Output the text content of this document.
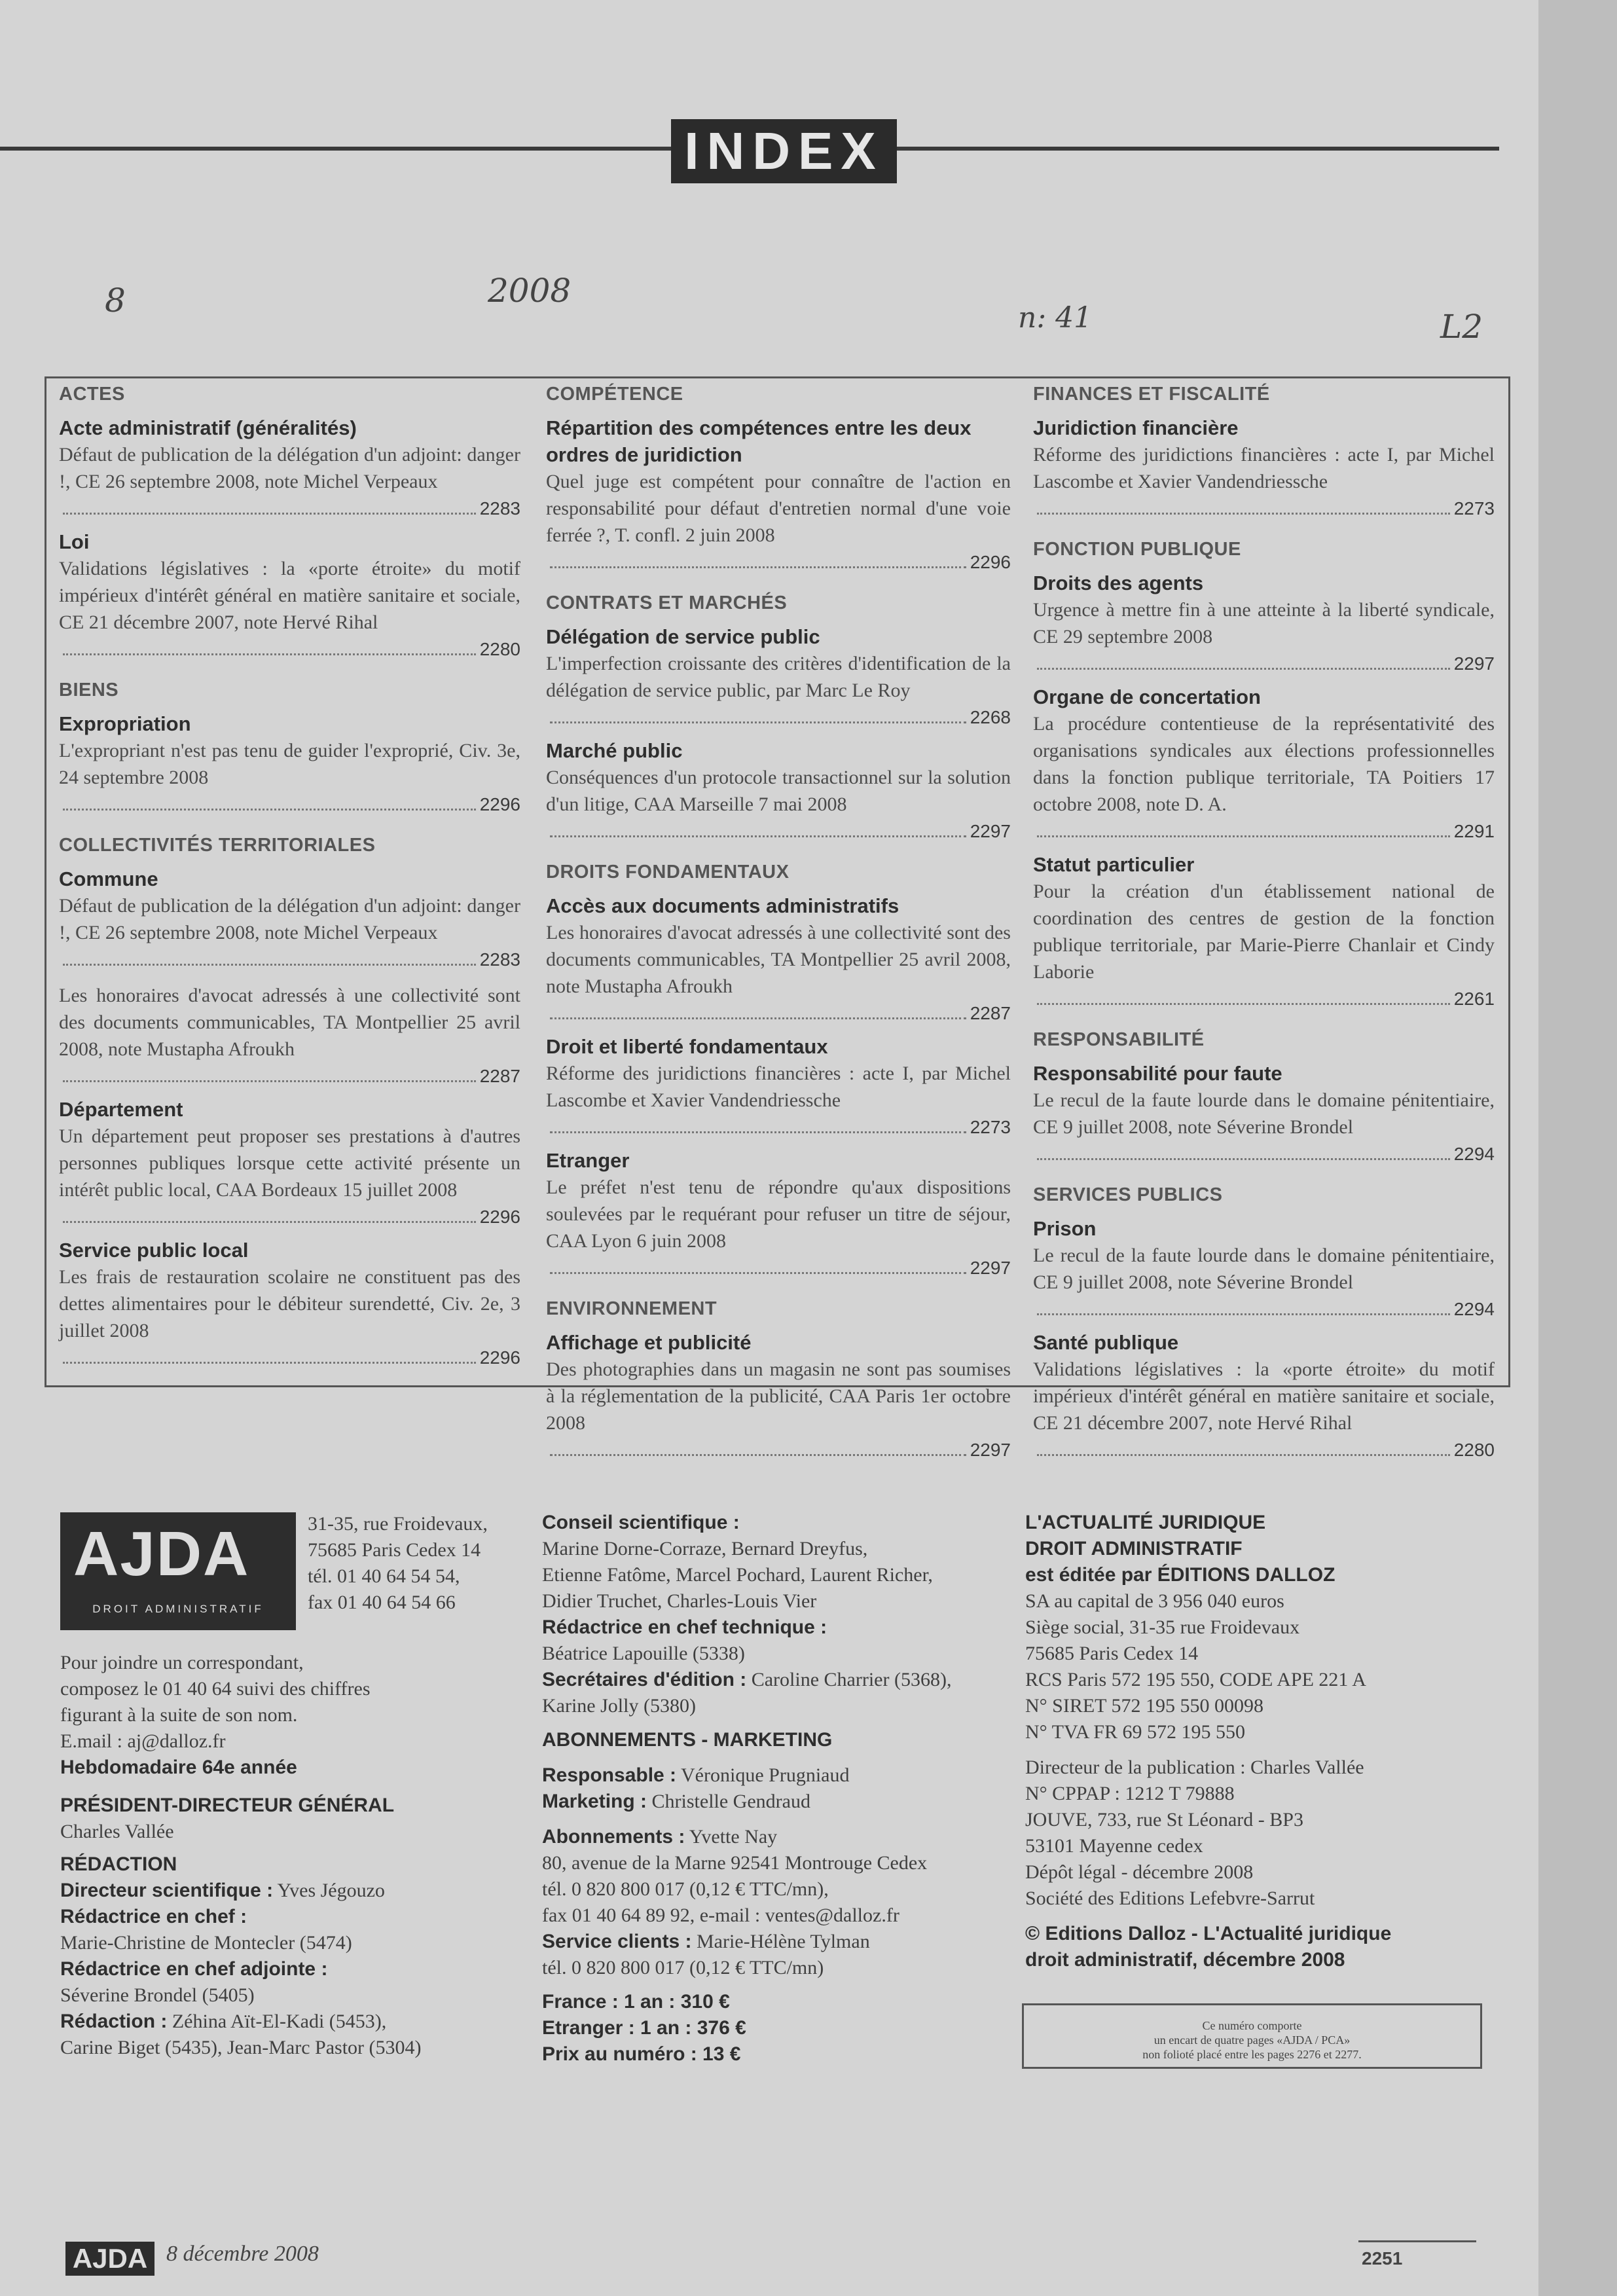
INDEX
8	2008
n: 41	L2
ACTES
Acte administratif (généralités)
Défaut de publication de la délégation d'un adjoint: danger !, CE 26 septembre 2008, note Michel Verpeaux
2283
Loi
Validations législatives : la «porte étroite» du motif impérieux d'intérêt général en matière sanitaire et sociale, CE 21 décembre 2007, note Hervé Rihal
2280
BIENS
Expropriation
L'expropriant n'est pas tenu de guider l'exproprié, Civ. 3e, 24 septembre 2008
2296
COLLECTIVITÉS TERRITORIALES
Commune
Défaut de publication de la délégation d'un adjoint: danger !, CE 26 septembre 2008, note Michel Verpeaux
2283
Les honoraires d'avocat adressés à une collectivité sont des documents communicables, TA Montpellier 25 avril 2008, note Mustapha Afroukh
2287
Département
Un département peut proposer ses prestations à d'autres personnes publiques lorsque cette activité présente un intérêt public local, CAA Bordeaux 15 juillet 2008
2296
Service public local
Les frais de restauration scolaire ne constituent pas des dettes alimentaires pour le débiteur surendetté, Civ. 2e, 3 juillet 2008
2296
COMPÉTENCE
Répartition des compétences entre les deux ordres de juridiction
Quel juge est compétent pour connaître de l'action en responsabilité pour défaut d'entretien normal d'une voie ferrée ?, T. confl. 2 juin 2008
2296
CONTRATS ET MARCHÉS
Délégation de service public
L'imperfection croissante des critères d'identification de la délégation de service public, par Marc Le Roy
2268
Marché public
Conséquences d'un protocole transactionnel sur la solution d'un litige, CAA Marseille 7 mai 2008
2297
DROITS FONDAMENTAUX
Accès aux documents administratifs
Les honoraires d'avocat adressés à une collectivité sont des documents communicables, TA Montpellier 25 avril 2008, note Mustapha Afroukh
2287
Droit et liberté fondamentaux
Réforme des juridictions financières : acte I, par Michel Lascombe et Xavier Vandendriessche
2273
Etranger
Le préfet n'est tenu de répondre qu'aux dispositions soulevées par le requérant pour refuser un titre de séjour, CAA Lyon 6 juin 2008
2297
ENVIRONNEMENT
Affichage et publicité
Des photographies dans un magasin ne sont pas soumises à la réglementation de la publicité, CAA Paris 1er octobre 2008
2297
FINANCES ET FISCALITÉ
Juridiction financière
Réforme des juridictions financières : acte I, par Michel Lascombe et Xavier Vandendriessche
2273
FONCTION PUBLIQUE
Droits des agents
Urgence à mettre fin à une atteinte à la liberté syndicale, CE 29 septembre 2008
2297
Organe de concertation
La procédure contentieuse de la représentativité des organisations syndicales aux élections professionnelles dans la fonction publique territoriale, TA Poitiers 17 octobre 2008, note D. A.
2291
Statut particulier
Pour la création d'un établissement national de coordination des centres de gestion de la fonction publique territoriale, par Marie-Pierre Chanlair et Cindy Laborie
2261
RESPONSABILITÉ
Responsabilité pour faute
Le recul de la faute lourde dans le domaine pénitentiaire, CE 9 juillet 2008, note Séverine Brondel
2294
SERVICES PUBLICS
Prison
Le recul de la faute lourde dans le domaine pénitentiaire, CE 9 juillet 2008, note Séverine Brondel
2294
Santé publique
Validations législatives : la «porte étroite» du motif impérieux d'intérêt général en matière sanitaire et sociale, CE 21 décembre 2007, note Hervé Rihal
2280
AJDA
DROIT ADMINISTRATIF
31-35, rue Froidevaux,
75685 Paris Cedex 14
tél. 01 40 64 54 54,
fax 01 40 64 54 66
Pour joindre un correspondant,
composez le 01 40 64 suivi des chiffres
figurant à la suite de son nom.
E.mail : aj@dalloz.fr
Hebdomadaire 64e année
PRÉSIDENT-DIRECTEUR GÉNÉRAL
Charles Vallée
RÉDACTION
Directeur scientifique : Yves Jégouzo
Rédactrice en chef :
Marie-Christine de Montecler (5474)
Rédactrice en chef adjointe :
Séverine Brondel (5405)
Rédaction : Zéhina Aït-El-Kadi (5453),
Carine Biget (5435), Jean-Marc Pastor (5304)
Conseil scientifique :
Marine Dorne-Corraze, Bernard Dreyfus,
Etienne Fatôme, Marcel Pochard, Laurent Richer,
Didier Truchet, Charles-Louis Vier
Rédactrice en chef technique :
Béatrice Lapouille (5338)
Secrétaires d'édition : Caroline Charrier (5368),
Karine Jolly (5380)
ABONNEMENTS - MARKETING
Responsable : Véronique Prugniaud
Marketing : Christelle Gendraud
Abonnements : Yvette Nay
80, avenue de la Marne 92541 Montrouge Cedex
tél. 0 820 800 017 (0,12 € TTC/mn),
fax 01 40 64 89 92, e-mail : ventes@dalloz.fr
Service clients : Marie-Hélène Tylman
tél. 0 820 800 017 (0,12 € TTC/mn)
France : 1 an : 310 €
Etranger : 1 an : 376 €
Prix au numéro : 13 €
L'ACTUALITÉ JURIDIQUE
DROIT ADMINISTRATIF
est éditée par ÉDITIONS DALLOZ
SA au capital de 3 956 040 euros
Siège social, 31-35 rue Froidevaux
75685 Paris Cedex 14
RCS Paris 572 195 550, CODE APE 221 A
N° SIRET 572 195 550 00098
N° TVA FR 69 572 195 550
Directeur de la publication : Charles Vallée
N° CPPAP : 1212 T 79888
JOUVE, 733, rue St Léonard - BP3
53101 Mayenne cedex
Dépôt légal - décembre 2008
Société des Editions Lefebvre-Sarrut
© Editions Dalloz - L'Actualité juridique
droit administratif, décembre 2008
Ce numéro comporte
un encart de quatre pages «AJDA / PCA»
non folioté placé entre les pages 2276 et 2277.
AJDA 8 décembre 2008	2251
